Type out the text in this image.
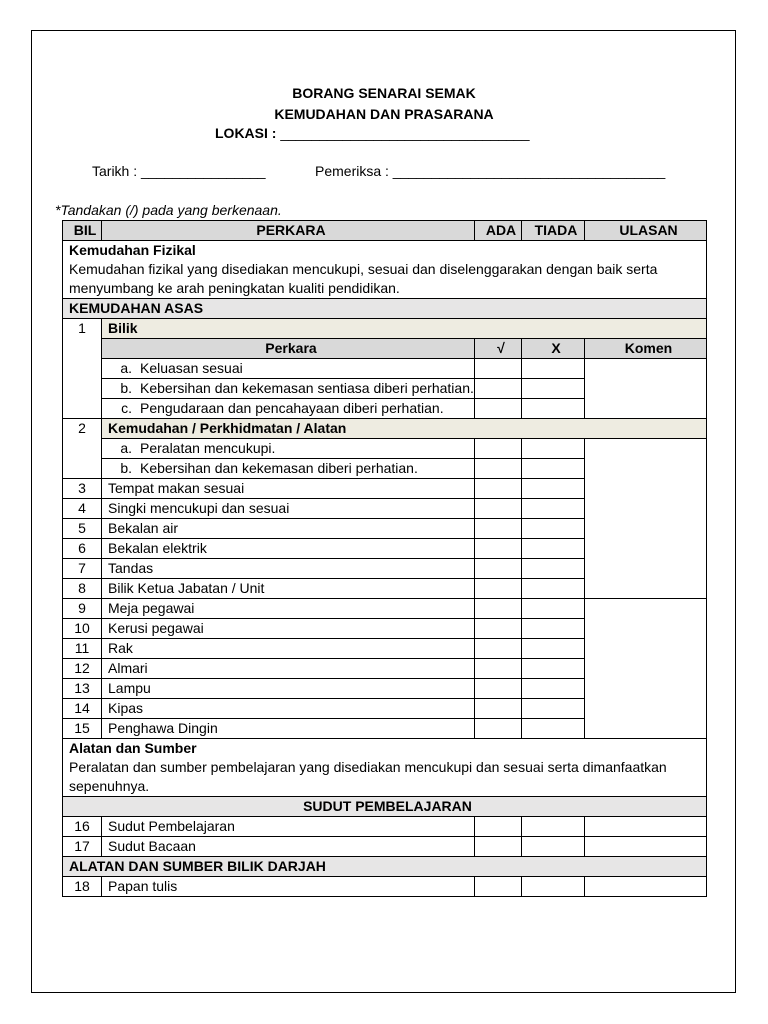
BORANG SENARAI SEMAK
KEMUDAHAN DAN PRASARANA
LOKASI : ________________________________
Tarikh : ________________	Pemeriksa : ___________________________________
*Tandakan (/) pada yang berkenaan.
BIL	PERKARA	ADA	TIADA	ULASAN

Kemudahan Fizikal
Kemudahan fizikal yang disediakan mencukupi, sesuai dan diselenggarakan dengan baik serta menyumbang ke arah peningkatan kualiti pendidikan.				

KEMUDAHAN ASAS				
1	Bilik			
	Perkara	√	X	Komen

	a. Keluasan sesuai			

	b. Kebersihan dan kekemasan sentiasa diberi perhatian.			

	c. Pengudaraan dan pencahayaan diberi perhatian.			

2	Kemudahan / Perkhidmatan / Alatan			

	a. Peralatan mencukupi.			

	b. Kebersihan dan kekemasan diberi perhatian.			

3	Tempat makan sesuai			
4	Singki mencukupi dan sesuai			
5	Bekalan air			
6	Bekalan elektrik			
7	Tandas			
8	Bilik Ketua Jabatan / Unit			
9	Meja pegawai			
10	Kerusi pegawai			
11	Rak			
12	Almari			
13	Lampu			
14	Kipas			
15	Penghawa Dingin			

Alatan dan Sumber
Peralatan dan sumber pembelajaran yang disediakan mencukupi dan sesuai serta dimanfaatkan sepenuhnya.				

SUDUT PEMBELAJARAN				
16	Sudut Pembelajaran			
17	Sudut Bacaan			
ALATAN DAN SUMBER BILIK DARJAH				
18	Papan tulis			
